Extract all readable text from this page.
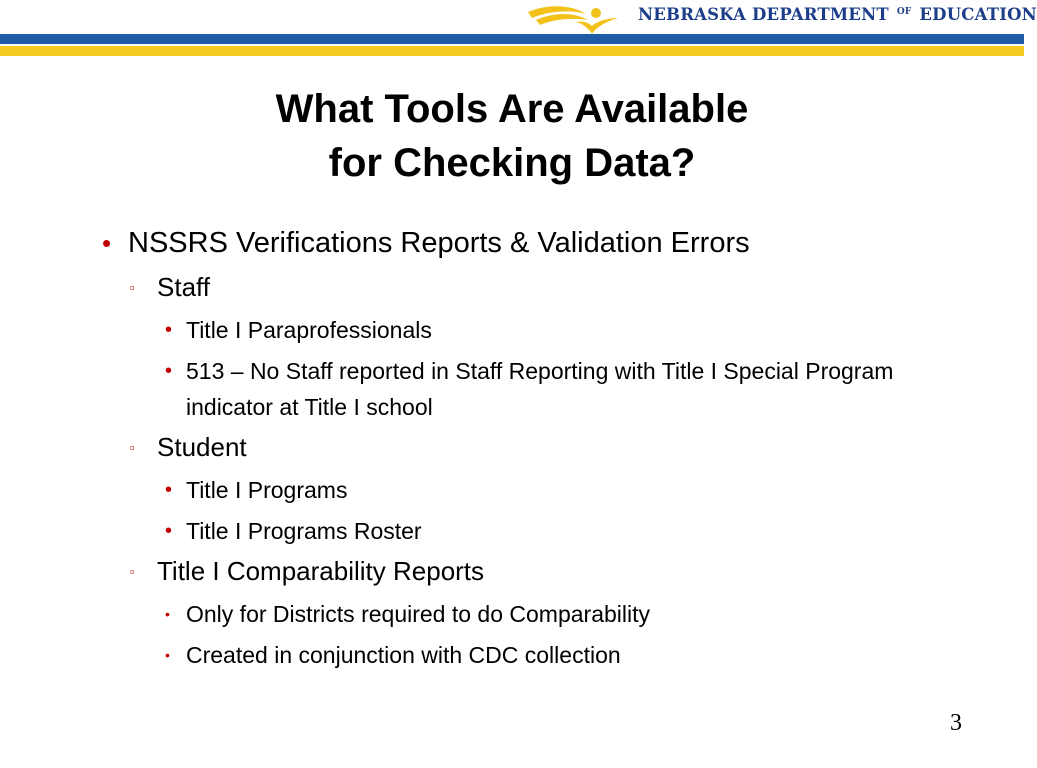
NEBRASKA DEPARTMENT $^{OF}$ EDUCATION
What Tools Are Available
for Checking Data?
• NSSRS Verifications Reports & Validation Errors
▫ Staff
• Title I Paraprofessionals
• 513 – No Staff reported in Staff Reporting with Title I Special Program indicator at Title I school
▫ Student
• Title I Programs
• Title I Programs Roster
▫ Title I Comparability Reports
• Only for Districts required to do Comparability
• Created in conjunction with CDC collection
3
